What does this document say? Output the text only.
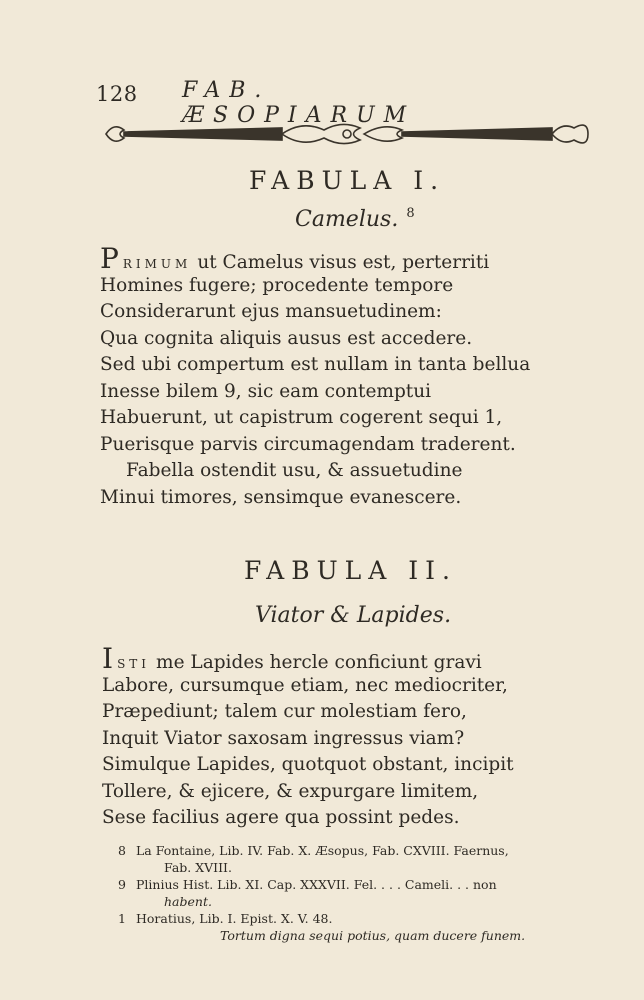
128 FAB. ÆSOPIARUM
FABULA I.
Camelus. $^8$
PRIMUM ut Camelus visus est, perterriti
Homines fugere; procedente tempore
Considerarunt ejus mansuetudinem:
Qua cognita aliquis ausus est accedere.
Sed ubi compertum est nullam in tanta bellua
Inesse bilem 9, sic eam contemptui
Habuerunt, ut capistrum cogerent sequi 1,
Puerisque parvis circumagendam traderent.
Fabella ostendit usu, & assuetudine
Minui timores, sensimque evanescere.
FABULA II.
Viator & Lapides.
ISTI me Lapides hercle conficiunt gravi
Labore, cursumque etiam, nec mediocriter,
Præpediunt; talem cur molestiam fero,
Inquit Viator saxosam ingressus viam?
Simulque Lapides, quotquot obstant, incipit
Tollere, & ejicere, & expurgare limitem,
Sese facilius agere qua possint pedes.
8 La Fontaine, Lib. IV. Fab. X. Æsopus, Fab. CXVIII. Faernus,
Fab. XVIII.
9 Plinius Hist. Lib. XI. Cap. XXXVII. Fel. . . . Cameli. . . non
habent.
1 Horatius, Lib. I. Epist. X. V. 48.
Tortum digna sequi potius, quam ducere funem.
